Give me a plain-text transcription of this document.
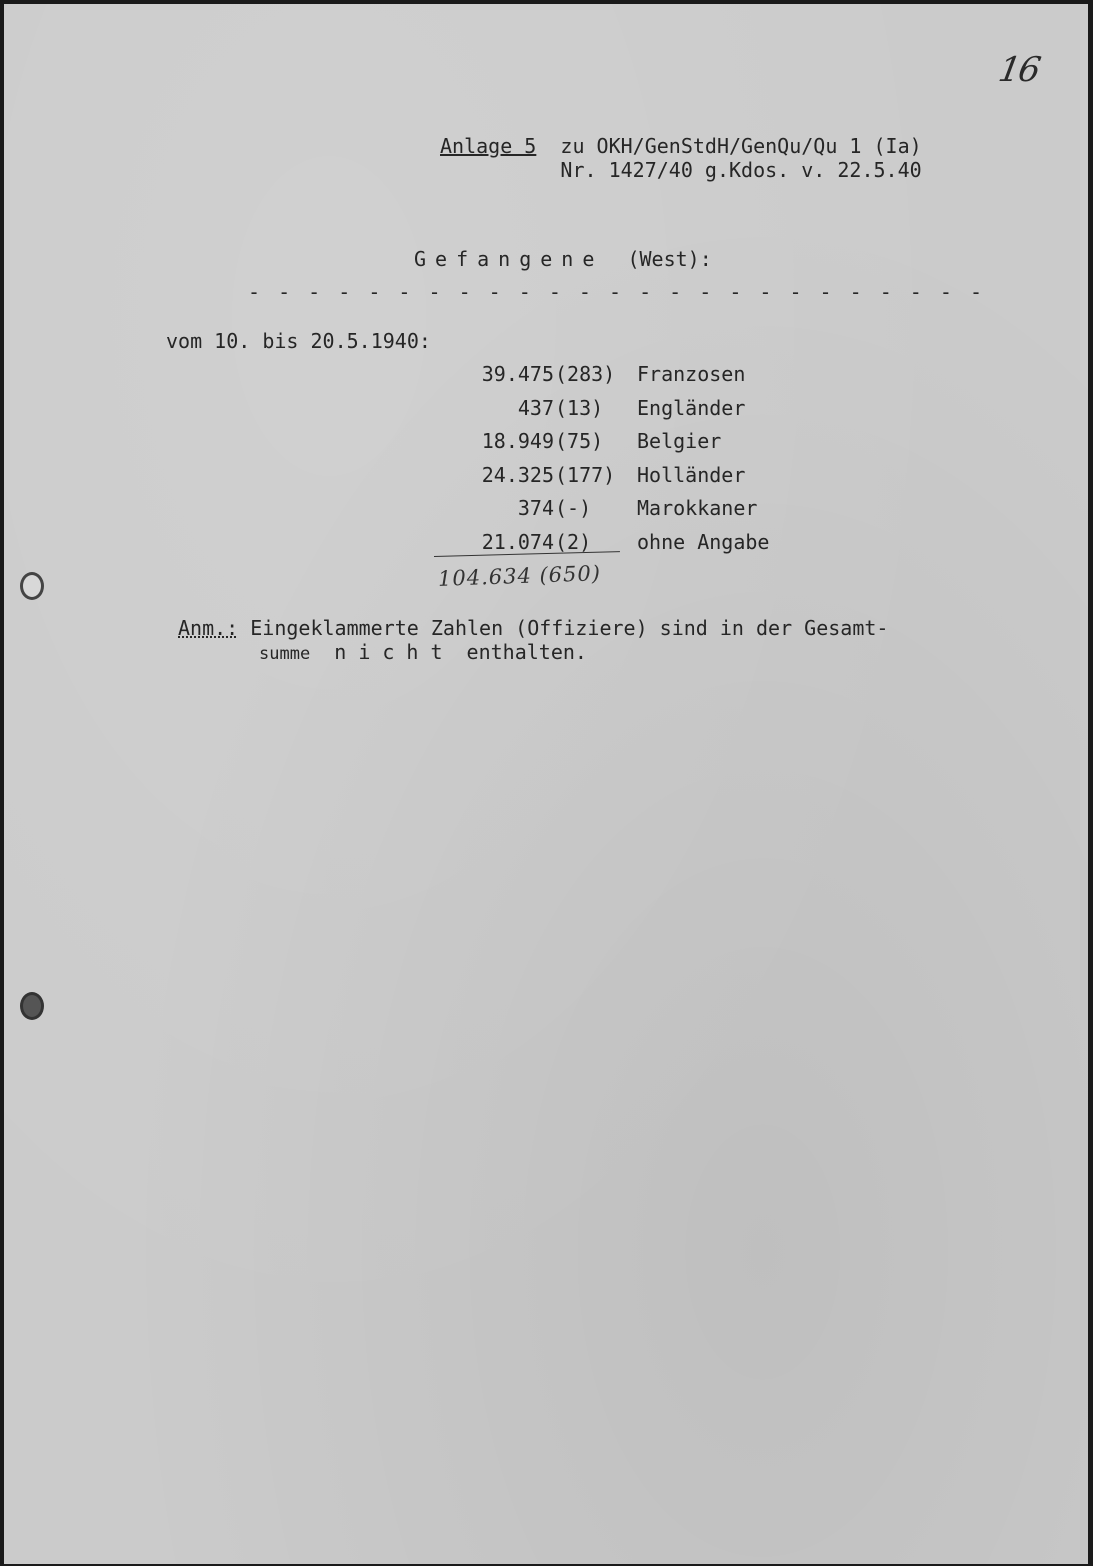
16
Anlage 5 zu OKH/GenStdH/GenQu/Qu 1 (Ia)
Nr. 1427/40 g.Kdos. v. 22.5.40
Gefangene (West):
- - - - - - - - - - - - - - - - - - - - - - - - -
vom 10. bis 20.5.1940:
39.475 (283)	Franzosen
437 (13)	Engländer
18.949 (75)	Belgier
24.325 (177)	Holländer
374 (-)	Marokkaner
21.074 (2)	ohne Angabe
104.634 (650)
Anm.: Eingeklammerte Zahlen (Offiziere) sind in der Gesamt-
summe nicht enthalten.
